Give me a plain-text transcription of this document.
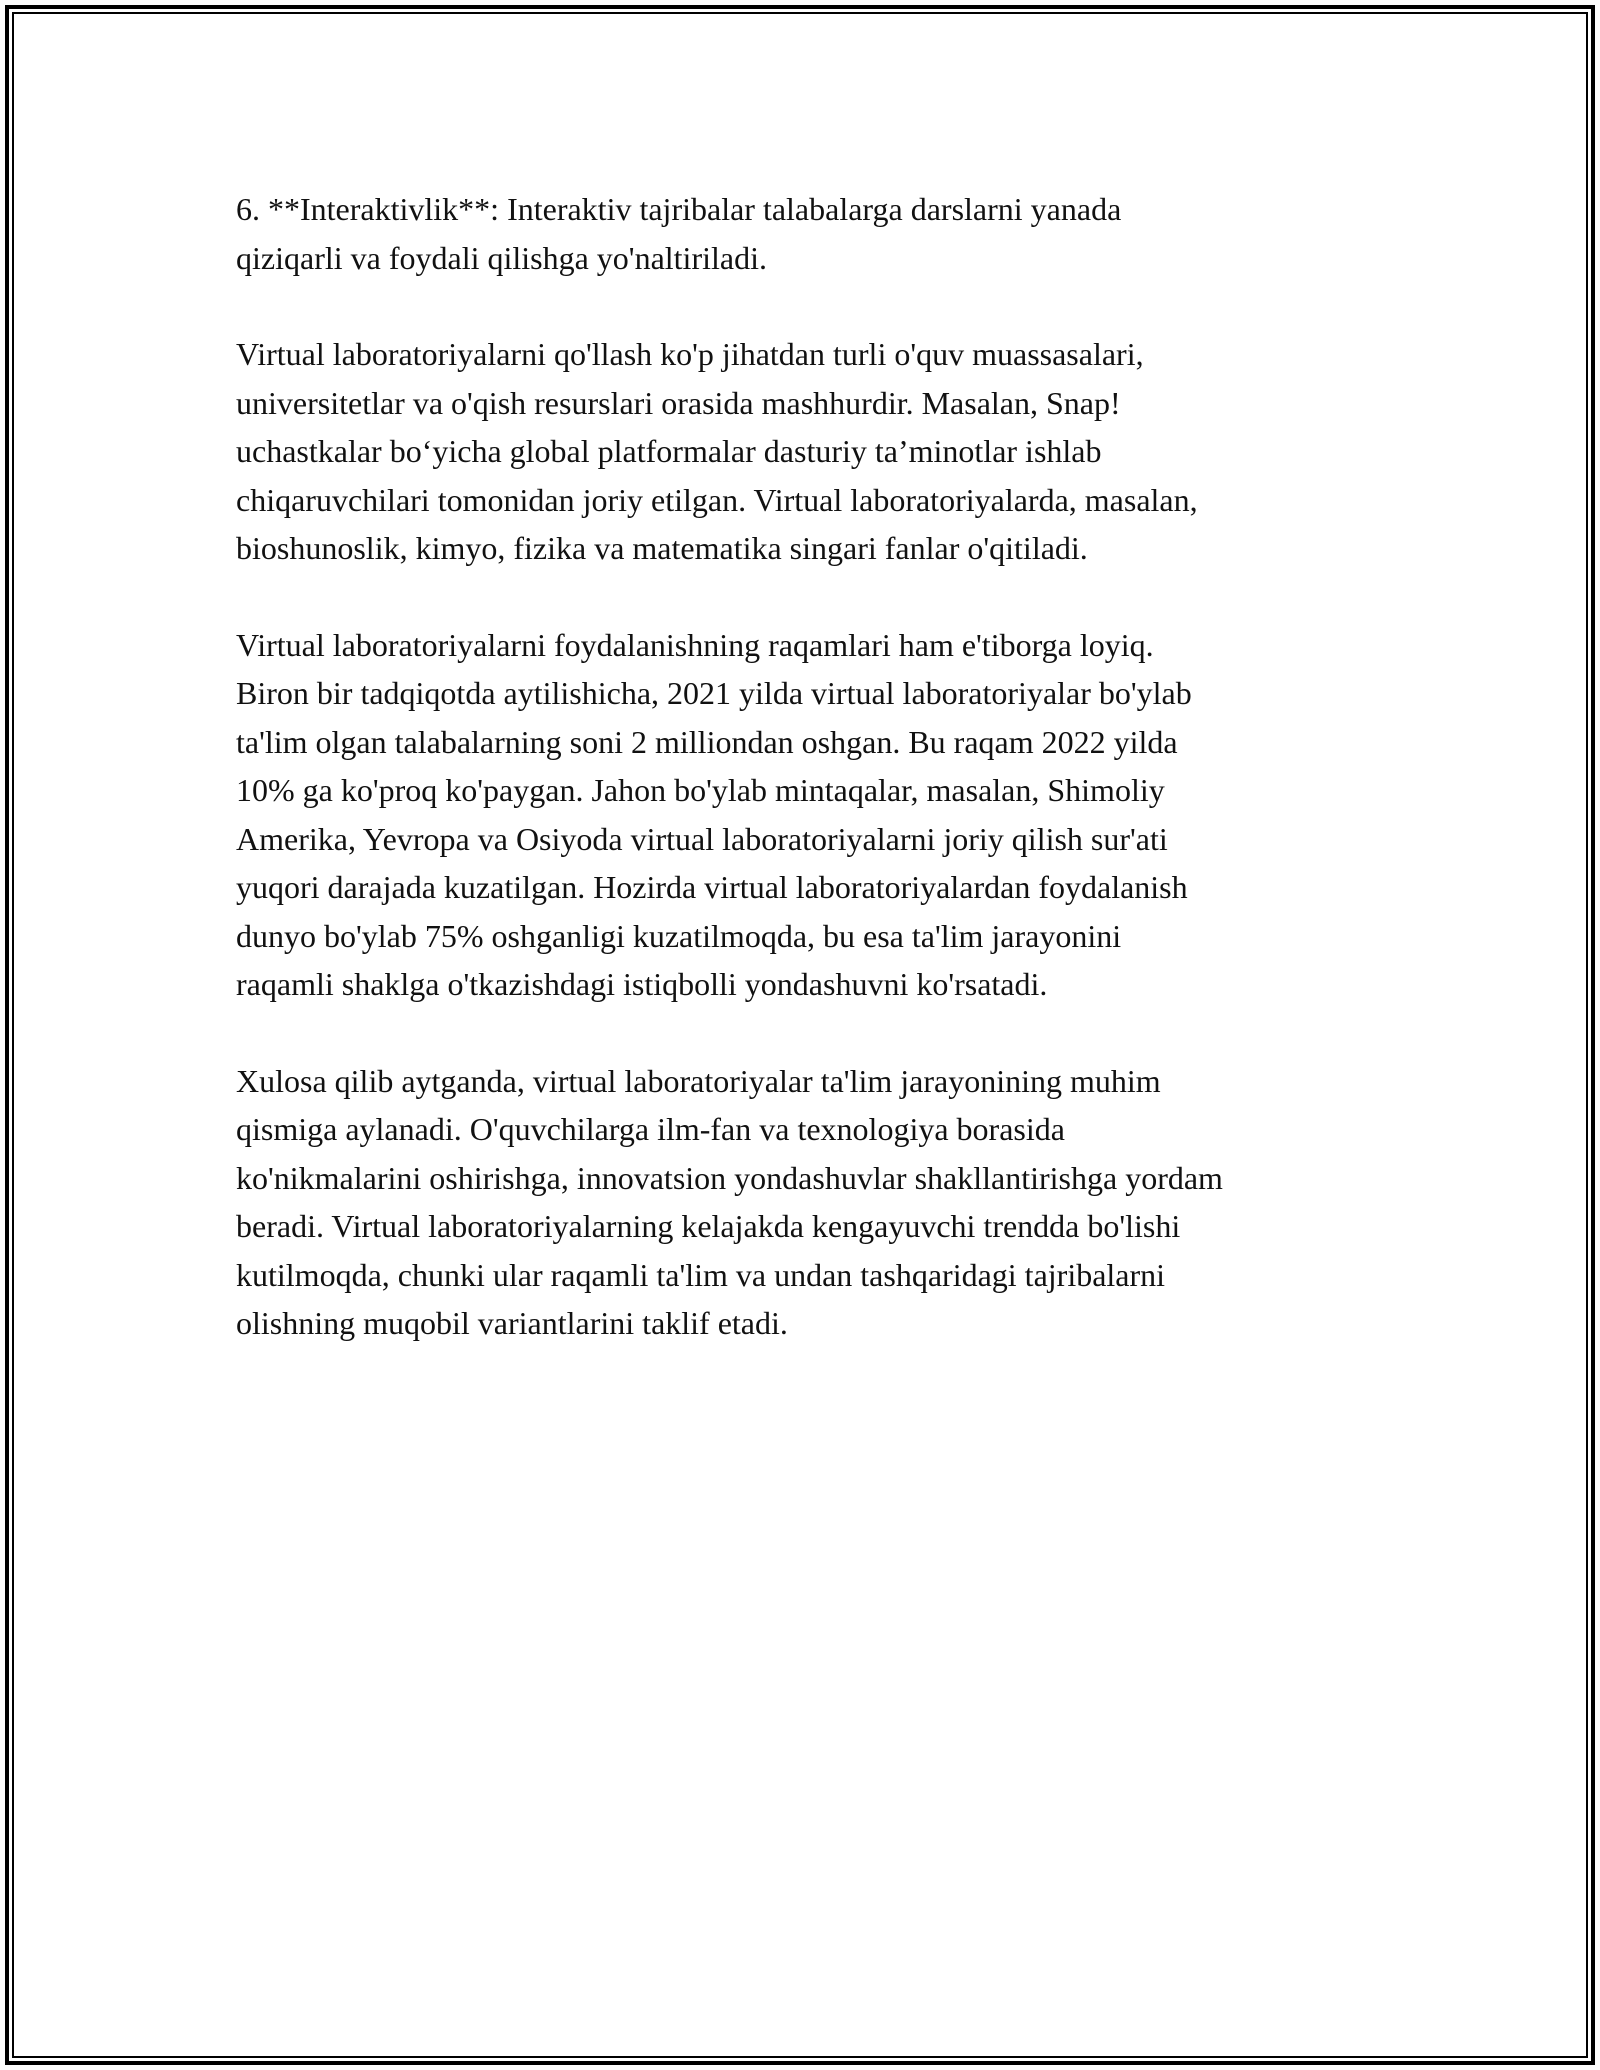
6. **Interaktivlik**: Interaktiv tajribalar talabalarga darslarni yanada
qiziqarli va foydali qilishga yo'naltiriladi.

Virtual laboratoriyalarni qo'llash ko'p jihatdan turli o'quv muassasalari,
universitetlar va o'qish resurslari orasida mashhurdir. Masalan, Snap!
uchastkalar bo‘yicha global platformalar dasturiy ta’minotlar ishlab
chiqaruvchilari tomonidan joriy etilgan. Virtual laboratoriyalarda, masalan,
bioshunoslik, kimyo, fizika va matematika singari fanlar o'qitiladi.

Virtual laboratoriyalarni foydalanishning raqamlari ham e'tiborga loyiq.
Biron bir tadqiqotda aytilishicha, 2021 yilda virtual laboratoriyalar bo'ylab
ta'lim olgan talabalarning soni 2 milliondan oshgan. Bu raqam 2022 yilda
10% ga ko'proq ko'paygan. Jahon bo'ylab mintaqalar, masalan, Shimoliy
Amerika, Yevropa va Osiyoda virtual laboratoriyalarni joriy qilish sur'ati
yuqori darajada kuzatilgan. Hozirda virtual laboratoriyalardan foydalanish
dunyo bo'ylab 75% oshganligi kuzatilmoqda, bu esa ta'lim jarayonini
raqamli shaklga o'tkazishdagi istiqbolli yondashuvni ko'rsatadi.

Xulosa qilib aytganda, virtual laboratoriyalar ta'lim jarayonining muhim
qismiga aylanadi. O'quvchilarga ilm-fan va texnologiya borasida
ko'nikmalarini oshirishga, innovatsion yondashuvlar shakllantirishga yordam
beradi. Virtual laboratoriyalarning kelajakda kengayuvchi trendda bo'lishi
kutilmoqda, chunki ular raqamli ta'lim va undan tashqaridagi tajribalarni
olishning muqobil variantlarini taklif etadi.
